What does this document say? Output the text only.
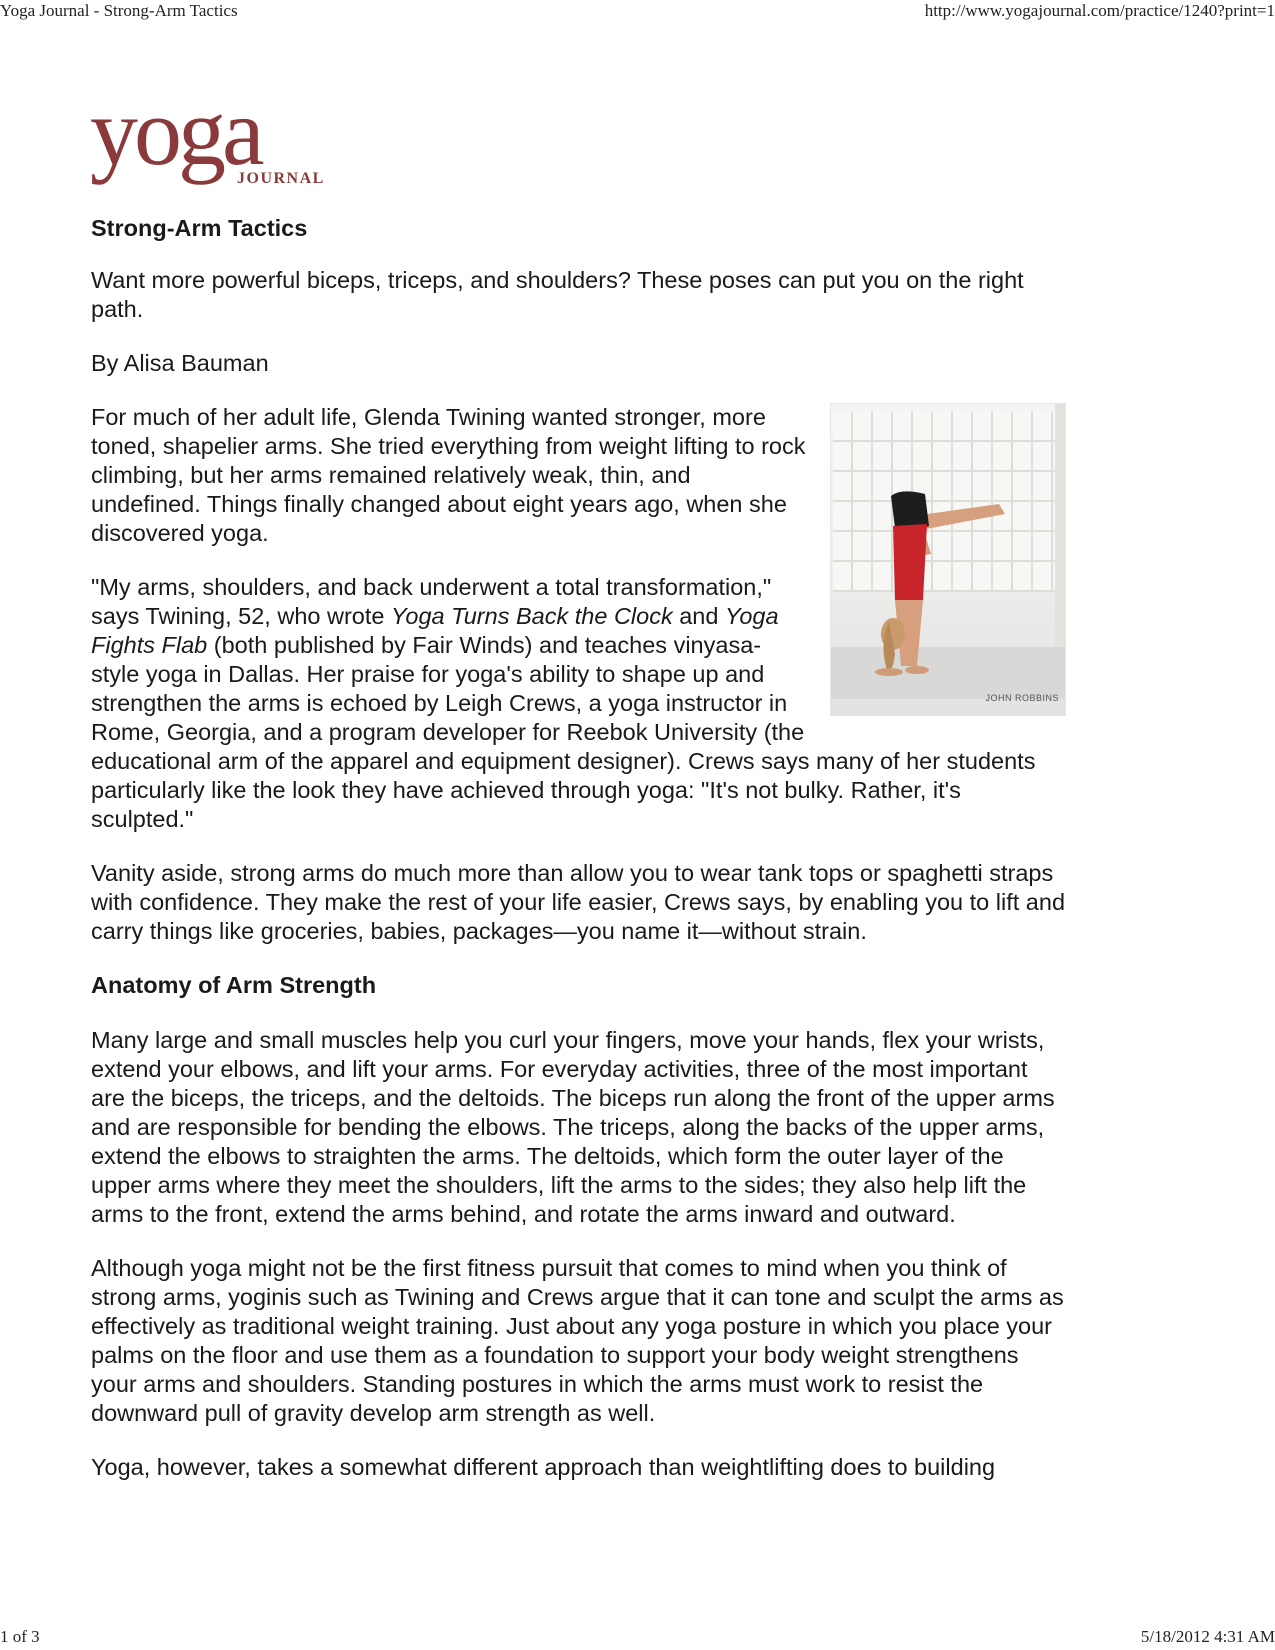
Yoga Journal - Strong-Arm Tactics	http://www.yogajournal.com/practice/1240?print=1
yoga
JOURNAL
Strong-Arm Tactics

Want more powerful biceps, triceps, and shoulders? These poses can put you on the right path.

By Alisa Bauman

JOHN ROBBINS

For much of her adult life, Glenda Twining wanted stronger, more toned, shapelier arms. She tried everything from weight lifting to rock climbing, but her arms remained relatively weak, thin, and undefined. Things finally changed about eight years ago, when she discovered yoga.

"My arms, shoulders, and back underwent a total transformation," says Twining, 52, who wrote Yoga Turns Back the Clock and Yoga Fights Flab (both published by Fair Winds) and teaches vinyasa-style yoga in Dallas. Her praise for yoga's ability to shape up and strengthen the arms is echoed by Leigh Crews, a yoga instructor in Rome, Georgia, and a program developer for Reebok University (the educational arm of the apparel and equipment designer). Crews says many of her students particularly like the look they have achieved through yoga: "It's not bulky. Rather, it's sculpted."

Vanity aside, strong arms do much more than allow you to wear tank tops or spaghetti straps with confidence. They make the rest of your life easier, Crews says, by enabling you to lift and carry things like groceries, babies, packages—you name it—without strain.

Anatomy of Arm Strength

Many large and small muscles help you curl your fingers, move your hands, flex your wrists, extend your elbows, and lift your arms. For everyday activities, three of the most important are the biceps, the triceps, and the deltoids. The biceps run along the front of the upper arms and are responsible for bending the elbows. The triceps, along the backs of the upper arms, extend the elbows to straighten the arms. The deltoids, which form the outer layer of the upper arms where they meet the shoulders, lift the arms to the sides; they also help lift the arms to the front, extend the arms behind, and rotate the arms inward and outward.

Although yoga might not be the first fitness pursuit that comes to mind when you think of strong arms, yoginis such as Twining and Crews argue that it can tone and sculpt the arms as effectively as traditional weight training. Just about any yoga posture in which you place your palms on the floor and use them as a foundation to support your body weight strengthens your arms and shoulders. Standing postures in which the arms must work to resist the downward pull of gravity develop arm strength as well.

Yoga, however, takes a somewhat different approach than weightlifting does to building

1 of 3	5/18/2012 4:31 AM
